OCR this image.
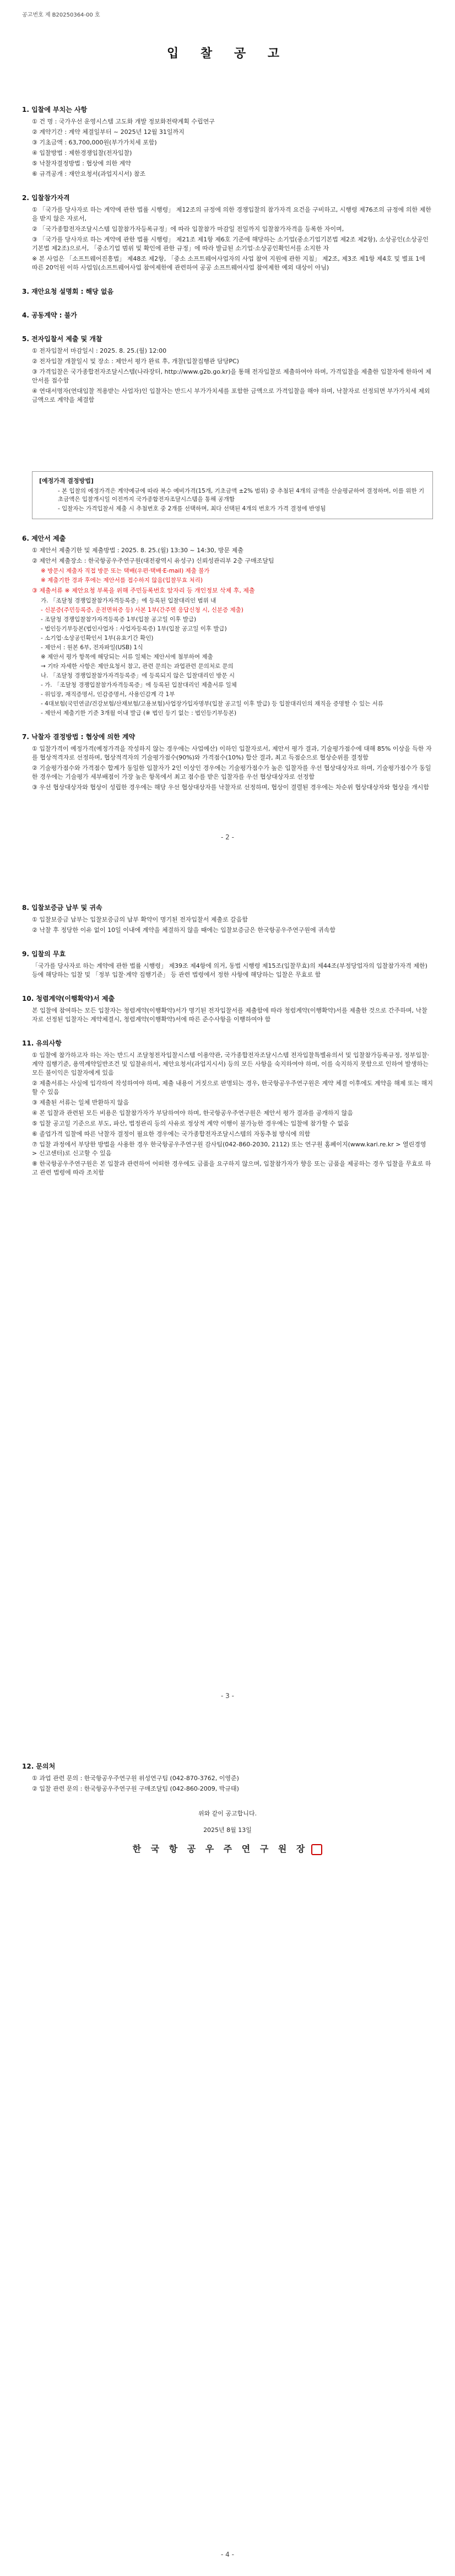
공고번호 제 B20250364-00 호
입 찰 공 고
1. 입찰에 부치는 사항
① 건 명 : 국가우선 운영시스템 고도화 개발 정보화전략계획 수립연구
② 계약기간 : 계약 체결일부터 ~ 2025년 12월 31일까지
③ 기초금액 : 63,700,000원(부가가치세 포함)
④ 입찰방법 : 제한경쟁입찰(전자입찰)
⑤ 낙찰자결정방법 : 협상에 의한 계약
⑥ 규격공개 : 재안요청서(과업지시서) 참조
2. 입찰참가자격
① 「국가를 당사자로 하는 계약에 관한 법률 시행령」 제12조의 규정에 의한 경쟁입찰의 참가자격 요건을 구비하고, 시행령 제76조의 규정에 의한 제한을 받지 않은 자로서,
② 「국가종합전자조달시스템 입찰참가자등록규정」에 따라 입찰참가 마감일 전일까지 입찰참가자격을 등록한 자이며,
③ 「국가를 당사자로 하는 계약에 관한 법률 시행령」 제21조 제1항 제6호 기준에 해당하는 소기업(중소기업기본법 제2조 제2항), 소상공인(소상공인기본법 제2조)으로서, 「중소기업 범위 및 확인에 관한 규정」에 따라 발급된 소기업·소상공인확인서를 소지한 자
※ 본 사업은 「소프트웨어진흥법」 제48조 제2항, 「중소 소프트웨어사업자의 사업 참여 지원에 관한 지침」 제2조, 제3조 제1항 제4호 및 별표 1에 따른 20억원 이하 사업임(소프트웨어사업 참여제한에 관련하여 공공 소프트웨어사업 참여제한 예외 대상이 아님)
3. 재안요청 설명회 : 해당 없음
4. 공동계약 : 불가
5. 전자입찰서 제출 및 개찰
① 전자입찰서 마감일시 : 2025. 8. 25.(월) 12:00
② 전자입찰 개찰일시 및 장소 : 제안서 평가 완료 후, 개찰(입찰집행관 담당PC)
③ 가격입찰은 국가종합전자조달시스템(나라장터, http://www.g2b.go.kr)을 통해 전자입찰로 제출하여야 하며, 가격입찰을 제출한 입찰자에 한하여 제안서를 접수함
④ 연대서명자(연대입찰 적용받는 사업자)인 입찰자는 반드시 부가가치세를 포함한 금액으로 가격입찰을 해야 하며, 낙찰자로 선정되면 부가가치세 제외 금액으로 계약을 체결함
[예정가격 결정방법]
- 본 입찰의 예정가격은 계약예규에 따라 복수 예비가격(15개, 기초금액 ±2% 범위) 중 추첨된 4개의 금액을 산술평균하여 결정하며, 이를 위한 기초금액은 입찰개시일 이전까지 국가종합전자조달시스템을 통해 공개함
- 입찰자는 가격입찰서 제출 시 추첨번호 중 2개를 선택하며, 최다 선택된 4개의 번호가 가격 결정에 반영됨
6. 제안서 제출
① 제안서 제출기한 및 제출방법 : 2025. 8. 25.(월) 13:30 ~ 14:30, 방문 제출
② 제안서 제출장소 : 한국항공우주연구원(대전광역시 유성구) 신뢰성관리부 2층 구매조달팀
※ 방문시 제출자 직접 방문 또는 택배(우편·택배·E-mail) 제출 불가
※ 제출기한 경과 후에는 제안서를 접수하지 않음(입찰무효 처리)
③ 제출서류 ※ 제안요청 부록을 위해 주민등록번호 앞자리 등 개인정보 삭제 후, 제출
가. 「조달청 경쟁입찰참가자격등록증」에 등록된 입찰대리인 범위 내
- 신분증(주민등록증, 운전면허증 등) 사본 1부(간주면 응답신청 시, 신분증 제출)
- 조달청 경쟁입찰참가자격등록증 1부(입찰 공고일 이후 발급)
- 법인등기부등본(법인사업자 : 사업자등록증) 1부(입찰 공고일 이후 발급)
- 소기업·소상공인확인서 1부(유효기간 확인)
- 제안서 : 원본 6부, 전자파일(USB) 1식
※ 제안서 평가 항목에 해당되는 서류 일체는 제안서에 첨부하여 제출
→ 기타 자세한 사항은 제안요청서 참고, 관련 문의는 과업관련 문의처로 문의
나. 「조달청 경쟁입찰참가자격등록증」에 등록되지 않은 입찰대리인 방문 시
- 가. 「조달청 경쟁입찰참가자격등록증」에 등록된 입찰대리인 제출서류 일체
- 위임장, 재직증명서, 인감증명서, 사용인감계 각 1부
- 4대보험(국민연금/건강보험/산재보험/고용보험)사업장가입자명부(입찰 공고일 이후 발급) 등 입찰대리인의 재직을 증명할 수 있는 서류
- 제안서 제출기한 기준 3개월 이내 발급 (※ 법인 등기 없는 : 법인등기부등본)
7. 낙찰자 결정방법 : 협상에 의한 계약
① 입찰가격이 예정가격(예정가격을 작성하지 않는 경우에는 사업예산) 이하인 입찰자로서, 제안서 평가 결과, 기술평가점수에 대해 85% 이상을 득한 자를 협상적격자로 선정하며, 협상적격자의 기술평가점수(90%)와 가격점수(10%) 합산 결과, 최고 득점순으로 협상순위를 결정함
② 기술평가점수와 가격점수 합계가 동일한 입찰자가 2인 이상인 경우에는 기술평가점수가 높은 입찰자를 우선 협상대상자로 하며, 기술평가점수가 동일한 경우에는 기술평가 세부배점이 가장 높은 항목에서 최고 점수를 받은 입찰자를 우선 협상대상자로 선정함
③ 우선 협상대상자와 협상이 성립한 경우에는 해당 우선 협상대상자를 낙찰자로 선정하며, 협상이 결렬된 경우에는 차순위 협상대상자와 협상을 개시함
- 2 -
8. 입찰보증금 납부 및 귀속
① 입찰보증금 납부는 입찰보증금의 납부 확약이 명기된 전자입찰서 제출로 갈음함
② 낙찰 후 정당한 이유 없이 10일 이내에 계약을 체결하지 않을 때에는 입찰보증금은 한국항공우주연구원에 귀속함
9. 입찰의 무효
「국가를 당사자로 하는 계약에 관한 법률 시행령」 제39조 제4항에 의거, 동법 시행령 제15조(입찰무효)의 제44조(부정당업자의 입찰참가자격 제한) 등에 해당하는 입찰 및 「정부 입찰·계약 집행기준」 등 관련 법령에서 정한 사항에 해당하는 입찰은 무효로 함
10. 청렴계약(이행확약)서 제출
본 입찰에 참여하는 모든 입찰자는 청렴계약(이행확약)서가 명기된 전자입찰서를 제출함에 따라 청렴계약(이행확약)서를 제출한 것으로 간주하며, 낙찰자로 선정된 입찰자는 계약체결시, 청렴계약(이행확약)서에 따른 준수사항을 이행하여야 함
11. 유의사항
① 입찰에 참가하고자 하는 자는 반드시 조달청전자입찰시스템 이용약관, 국가종합전자조달시스템 전자입찰특별유의서 및 입찰참가등록규정, 정부입찰·계약 집행기준, 용역계약일반조건 및 입찰유의서, 제안요청서(과업지시서) 등의 모든 사항을 숙지하여야 하며, 이를 숙지하지 못함으로 인하여 발생하는 모든 불이익은 입찰자에게 있음
② 제출서류는 사실에 입각하여 작성하여야 하며, 제출 내용이 거짓으로 판명되는 경우, 한국항공우주연구원은 계약 체결 이후에도 계약을 해제 또는 해지할 수 있음
③ 제출된 서류는 일체 반환하지 않음
④ 본 입찰과 관련된 모든 비용은 입찰참가자가 부담하여야 하며, 한국항공우주연구원은 제안서 평가 결과를 공개하지 않음
⑤ 입찰 공고일 기준으로 부도, 파산, 법정관리 등의 사유로 정상적 계약 이행이 불가능한 경우에는 입찰에 참가할 수 없음
⑥ 졸업가격 입찰에 따른 낙찰자 결정이 필요한 경우에는 국가종합전자조달시스템의 자동추첨 방식에 의함
⑦ 입찰 과정에서 부당한 방법을 사용한 경우 한국항공우주연구원 감사팀(042-860-2030, 2112) 또는 연구원 홈페이지(www.kari.re.kr > 열린경영 > 신고센터)로 신고할 수 있음
⑧ 한국항공우주연구원은 본 입찰과 관련하여 어떠한 경우에도 금품을 요구하지 않으며, 입찰참가자가 향응 또는 금품을 제공하는 경우 입찰을 무효로 하고 관련 법령에 따라 조치함
- 3 -
12. 문의처
① 과업 관련 문의 : 한국항공우주연구원 위성연구팀 (042-870-3762, 이영준)
② 입찰 관련 문의 : 한국항공우주연구원 구매조달팀 (042-860-2009, 박규태)
위와 같이 공고합니다.
2025년 8월 13일
한 국 항 공 우 주 연 구 원 장
- 4 -
